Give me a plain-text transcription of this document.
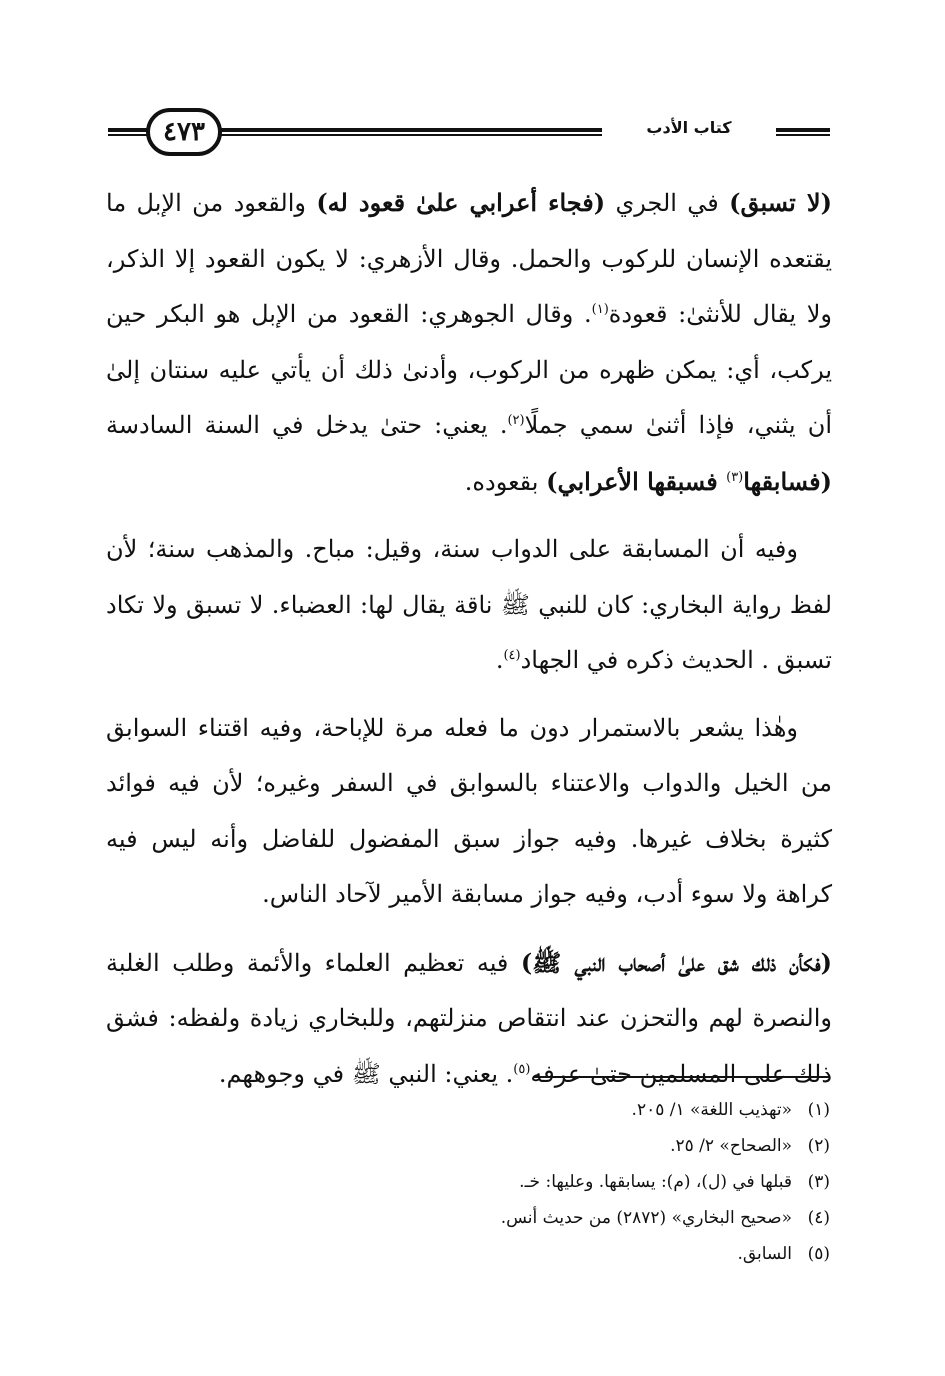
٤٧٣	كتاب الأدب

(لا تسبق) في الجري (فجاء أعرابي علىٰ قعود له) والقعود من الإبل ما يقتعده الإنسان للركوب والحمل. وقال الأزهري: لا يكون القعود إلا الذكر، ولا يقال للأنثىٰ: قعودة$^{(١)}$. وقال الجوهري: القعود من الإبل هو البكر حين يركب، أي: يمكن ظهره من الركوب، وأدنىٰ ذلك أن يأتي عليه سنتان إلىٰ أن يثني، فإذا أثنىٰ سمي جملًا$^{(٢)}$. يعني: حتىٰ يدخل في السنة السادسة (فسابقها$^{(٣)}$ فسبقها الأعرابي) بقعوده.

وفيه أن المسابقة على الدواب سنة، وقيل: مباح. والمذهب سنة؛ لأن لفظ رواية البخاري: كان للنبي ﷺ ناقة يقال لها: العضباء. لا تسبق ولا تكاد تسبق . الحديث ذكره في الجهاد$^{(٤)}$.

وهٰذا يشعر بالاستمرار دون ما فعله مرة للإباحة، وفيه اقتناء السوابق من الخيل والدواب والاعتناء بالسوابق في السفر وغيره؛ لأن فيه فوائد كثيرة بخلاف غيرها. وفيه جواز سبق المفضول للفاضل وأنه ليس فيه كراهة ولا سوء أدب، وفيه جواز مسابقة الأمير لآحاد الناس.

(فكأن ذلك شق علىٰ أصحاب النبي ﷺ) فيه تعظيم العلماء والأئمة وطلب الغلبة والنصرة لهم والتحزن عند انتقاص منزلتهم، وللبخاري زيادة ولفظه: فشق ذلك على المسلمين حتىٰ عرفه$^{(٥)}$. يعني: النبي ﷺ في وجوههم.

(١)«تهذيب اللغة» ١/ ٢٠٥.
(٢)«الصحاح» ٢/ ٢٥.
(٣)قبلها في (ل)، (م): يسابقها. وعليها: خـ.
(٤)«صحيح البخاري» (٢٨٧٢) من حديث أنس.
(٥)السابق.
